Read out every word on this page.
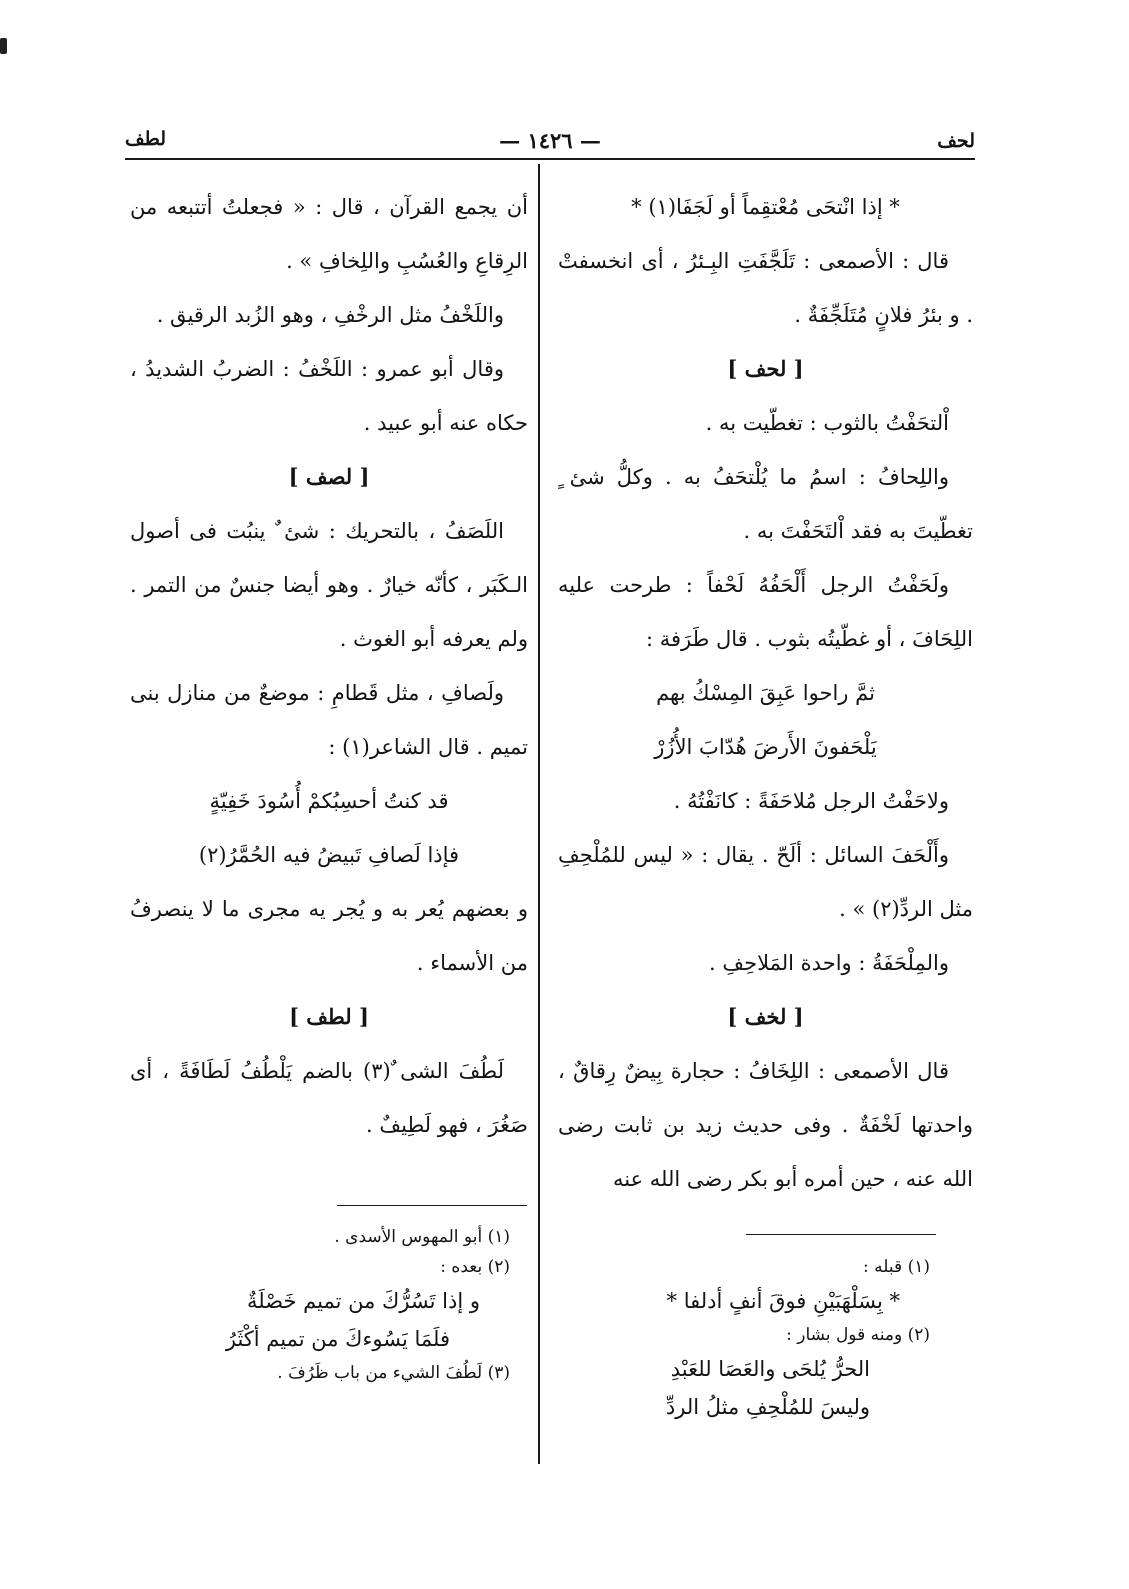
لحف
— ١٤٢٦ —
لطف

* إذا انْتحَى مُعْتقِماً أو لَجَفَا(١) *

قال : الأصمعى : تَلَجَّفَتِ البِـئرُ ، أى انخسفتْ . و بئرُ فلانٍ مُتَلَجِّفَةٌ .

[ لحف ]

اْلتحَفْتُ بالثوب : تغطّيت به .

واللِحافُ : اسمُ ما يُلْتحَفُ به . وكلُّ شئ ٍ تغطّيتَ به فقد اْلتَحَفْتَ به .

ولَحَفْتُ الرجل أَلْحَفُهُ لَحْفاً : طرحت عليه اللِحَافَ ، أو غطّيتُه بثوب . قال طَرَفة :

ثمَّ راحوا عَبِقَ المِسْكُ بهم

يَلْحَفونَ الأَرضَ هُدّابَ الأُزُرْ

ولاحَفْتُ الرجل مُلاحَفَةً : كانَفْتُهُ .

وأَلْحَفَ السائل : ألَحّ . يقال : « ليس للمُلْحِفِ مثل الردِّ(٢) » .

والمِلْحَفَةُ : واحدة المَلاحِفِ .

[ لخف ]

قال الأصمعى : اللِخَافُ : حجارة بِيضٌ رِقاقٌ ، واحدتها لَخْفَةٌ . وفى حديث زيد بن ثابت رضى الله عنه ، حين أمره أبو بكر رضى الله عنه

أن يجمع القرآن ، قال : « فجعلتُ أتتبعه من الرِقاعِ والعُسُبِ واللِخافِ » .

واللَخْفُ مثل الرخْفِ ، وهو الزُبد الرقيق .

وقال أبو عمرو : اللَخْفُ : الضربُ الشديدُ ، حكاه عنه أبو عبيد .

[ لصف ]

اللَصَفُ ، بالتحريك : شئ ٌ ينبُت فى أصول الـكَبَر ، كأنّه خيارٌ . وهو أيضا جنسٌ من التمر . ولم يعرفه أبو الغوث .

ولَصافِ ، مثل قَطامِ : موضعٌ من منازل بنى تميم . قال الشاعر(١) :

قد كنتُ أحسِبُكمْ أُسُودَ خَفِيّةٍ

فإذا لَصافِ تَبيضُ فيه الحُمَّرُ(٢)

و بعضهم يُعر به و يُجر يه مجرى ما لا ينصرفُ من الأسماء .

[ لطف ]

لَطُفَ الشى ٌ(٣) بالضم يَلْطُفُ لَطَافَةً ، أى صَغُرَ ، فهو لَطِيفٌ .

(١) قبله :

* بِسَلْهَبَيْنِ فوقَ أنفٍ أدلفا *

(٢) ومنه قول بشار :

الحرُّ يُلحَى والعَصَا للعَبْدِ

وليسَ للمُلْحِفِ مثلُ الردِّ

(١) أبو المهوس الأسدى .

(٢) بعده :

و إذا تَسُرُّكَ من تميم خَصْلَةٌ

فلَمَا يَسُوءكَ من تميم أكْثَرُ

(٣) لَطُفَ الشيء من باب ظَرُفَ .
